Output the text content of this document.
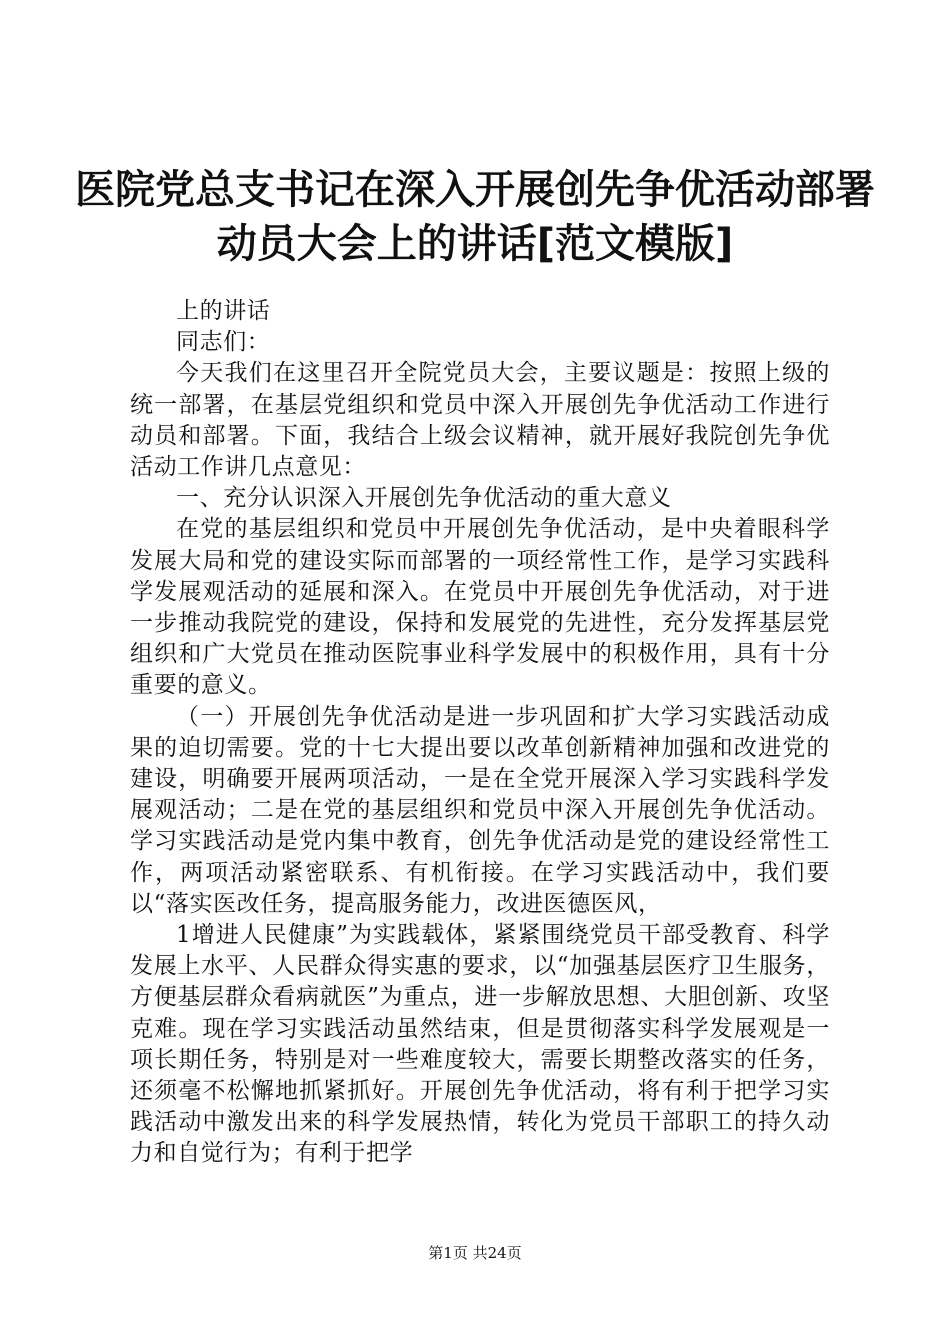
医院党总支书记在深入开展创先争优活动部署
动员大会上的讲话[范文模版]

上的讲话

同志们：

今天我们在这里召开全院党员大会，主要议题是：按照上级的统一部署，在基层党组织和党员中深入开展创先争优活动工作进行动员和部署。下面，我结合上级会议精神，就开展好我院创先争优活动工作讲几点意见：

一、充分认识深入开展创先争优活动的重大意义

在党的基层组织和党员中开展创先争优活动，是中央着眼科学发展大局和党的建设实际而部署的一项经常性工作，是学习实践科学发展观活动的延展和深入。在党员中开展创先争优活动，对于进一步推动我院党的建设，保持和发展党的先进性，充分发挥基层党组织和广大党员在推动医院事业科学发展中的积极作用，具有十分重要的意义。

（一）开展创先争优活动是进一步巩固和扩大学习实践活动成果的迫切需要。党的十七大提出要以改革创新精神加强和改进党的建设，明确要开展两项活动，一是在全党开展深入学习实践科学发展观活动；二是在党的基层组织和党员中深入开展创先争优活动。学习实践活动是党内集中教育，创先争优活动是党的建设经常性工作，两项活动紧密联系、有机衔接。在学习实践活动中，我们要以“落实医改任务，提高服务能力，改进医德医风，

1增进人民健康”为实践载体，紧紧围绕党员干部受教育、科学发展上水平、人民群众得实惠的要求，以“加强基层医疗卫生服务，方便基层群众看病就医”为重点，进一步解放思想、大胆创新、攻坚克难。现在学习实践活动虽然结束，但是贯彻落实科学发展观是一项长期任务，特别是对一些难度较大，需要长期整改落实的任务，还须毫不松懈地抓紧抓好。开展创先争优活动，将有利于把学习实践活动中激发出来的科学发展热情，转化为党员干部职工的持久动力和自觉行为；有利于把学

第1页 共24页
